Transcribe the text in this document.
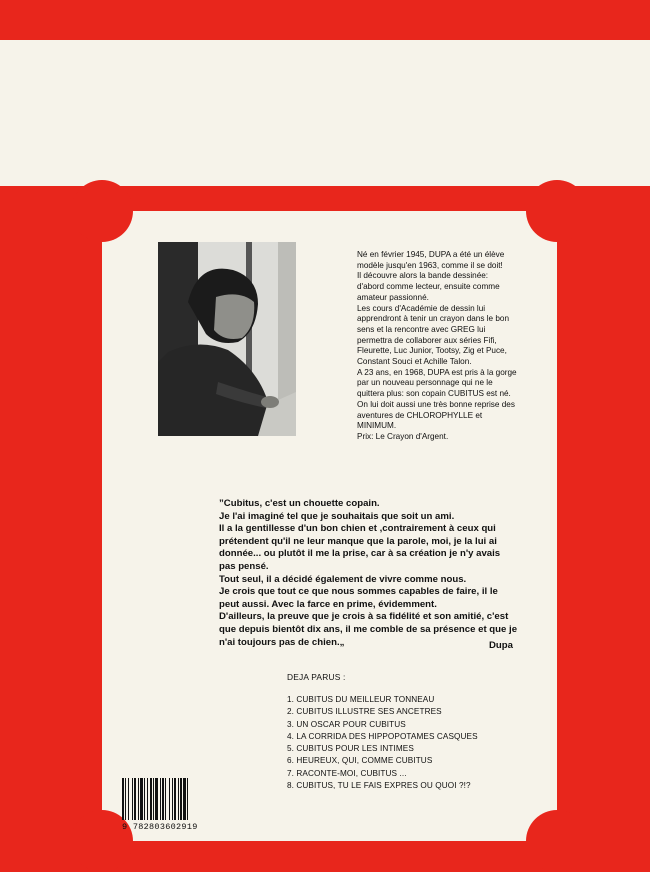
Né en février 1945, DUPA a été un élève modèle jusqu'en 1963, comme il se doit!

Il découvre alors la bande dessinée: d'abord comme lecteur, ensuite comme amateur passionné.

Les cours d'Académie de dessin lui apprendront à tenir un crayon dans le bon sens et la rencontre avec GREG lui permettra de collaborer aux séries Fifi, Fleurette, Luc Junior, Tootsy, Zig et Puce, Constant Souci et Achille Talon.

A 23 ans, en 1968, DUPA est pris à la gorge par un nouveau personnage qui ne le quittera plus: son copain CUBITUS est né.

On lui doit aussi une très bonne reprise des aventures de CHLOROPHYLLE et MINIMUM.

Prix: Le Crayon d'Argent.

”Cubitus, c'est un chouette copain.

Je l'ai imaginé tel que je souhaitais que soit un ami.

Il a la gentillesse d'un bon chien et ,contrairement à ceux qui prétendent qu'il ne leur manque que la parole, moi, je la lui ai donnée... ou plutôt il me la prise, car à sa création je n'y avais pas pensé.

Tout seul, il a décidé également de vivre comme nous.

Je crois que tout ce que nous sommes capables de faire, il le peut aussi. Avec la farce en prime, évidemment.

D'ailleurs, la preuve que je crois à sa fidélité et son amitié, c'est que depuis bientôt dix ans, il me comble de sa présence et que je n'ai toujours pas de chien.„	Dupa
DEJA PARUS :
1. CUBITUS DU MEILLEUR TONNEAU
2. CUBITUS ILLUSTRE SES ANCETRES
3. UN OSCAR POUR CUBITUS
4. LA CORRIDA DES HIPPOPOTAMES CASQUES
5. CUBITUS POUR LES INTIMES
6. HEUREUX, QUI, COMME CUBITUS
7. RACONTE-MOI, CUBITUS ...
8. CUBITUS, TU LE FAIS EXPRES OU QUOI ?!?
9 782803602919
